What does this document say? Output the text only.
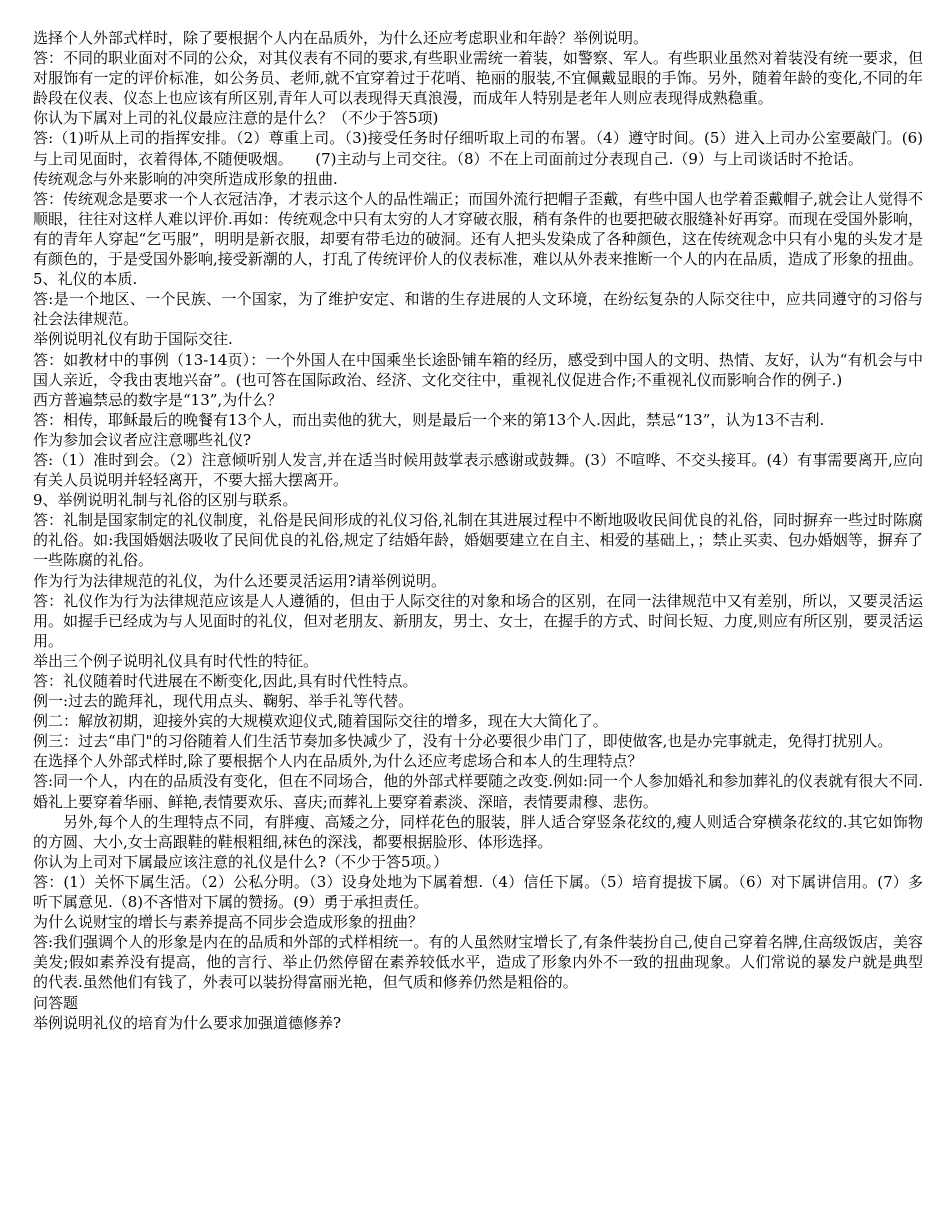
选择个人外部式样时，除了要根据个人内在品质外，为什么还应考虑职业和年龄？举例说明。

答：不同的职业面对不同的公众，对其仪表有不同的要求,有些职业需统一着装，如警察、军人。有些职业虽然对着装没有统一要求，但对服饰有一定的评价标准，如公务员、老师,就不宜穿着过于花哨、艳丽的服装,不宜佩戴显眼的手饰。另外，随着年龄的变化,不同的年龄段在仪表、仪态上也应该有所区别,青年人可以表现得天真浪漫，而成年人特别是老年人则应表现得成熟稳重。

你认为下属对上司的礼仪最应注意的是什么？（不少于答5项)

答:（1)听从上司的指挥安排。（2）尊重上司。（3)接受任务时仔细听取上司的布署。（4）遵守时间。(5）进入上司办公室要敲门。(6)与上司见面时，衣着得体,不随便吸烟。　　(7)主动与上司交往。（8）不在上司面前过分表现自己.（9）与上司谈话时不抢话。

传统观念与外来影响的冲突所造成形象的扭曲.

答：传统观念是要求一个人衣冠洁净，才表示这个人的品性端正；而国外流行把帽子歪戴，有些中国人也学着歪戴帽子,就会让人觉得不顺眼，往往对这样人难以评价.再如：传统观念中只有太穷的人才穿破衣服，稍有条件的也要把破衣服缝补好再穿。而现在受国外影响，有的青年人穿起“乞丐服”，明明是新衣服，却要有带毛边的破洞。还有人把头发染成了各种颜色，这在传统观念中只有小鬼的头发才是有颜色的，于是受国外影响,接受新潮的人，打乱了传统评价人的仪表标准，难以从外表来推断一个人的内在品质，造成了形象的扭曲。

5、礼仪的本质.

答:是一个地区、一个民族、一个国家，为了维护安定、和谐的生存进展的人文环境，在纷纭复杂的人际交往中，应共同遵守的习俗与社会法律规范。

举例说明礼仪有助于国际交往.

答：如教材中的事例（13-14页）：一个外国人在中国乘坐长途卧铺车箱的经历，感受到中国人的文明、热情、友好，认为“有机会与中国人亲近，令我由衷地兴奋”。(也可答在国际政治、经济、文化交往中，重视礼仪促进合作;不重视礼仪而影响合作的例子.)

西方普遍禁忌的数字是“13”,为什么？

答：相传，耶稣最后的晚餐有13个人，而出卖他的犹大，则是最后一个来的第13个人.因此，禁忌“13”，认为13不吉利.

作为参加会议者应注意哪些礼仪?

答:（1）准时到会。（2）注意倾听别人发言,并在适当时候用鼓掌表示感谢或鼓舞。(3）不喧哗、不交头接耳。(4）有事需要离开,应向有关人员说明并轻轻离开，不要大摇大摆离开。

9、举例说明礼制与礼俗的区别与联系。

答：礼制是国家制定的礼仪制度，礼俗是民间形成的礼仪习俗,礼制在其进展过程中不断地吸收民间优良的礼俗，同时摒弃一些过时陈腐的礼俗。如:我国婚姻法吸收了民间优良的礼俗,规定了结婚年龄，婚姻要建立在自主、相爱的基础上，；禁止买卖、包办婚姻等，摒弃了一些陈腐的礼俗。

作为行为法律规范的礼仪，为什么还要灵活运用?请举例说明。

答：礼仪作为行为法律规范应该是人人遵循的，但由于人际交往的对象和场合的区别，在同一法律规范中又有差别，所以，又要灵活运用。如握手已经成为与人见面时的礼仪，但对老朋友、新朋友，男士、女士，在握手的方式、时间长短、力度,则应有所区别，要灵活运用。

举出三个例子说明礼仪具有时代性的特征。

答：礼仪随着时代进展在不断变化,因此,具有时代性特点。

例一:过去的跪拜礼，现代用点头、鞠躬、举手礼等代替。

例二：解放初期，迎接外宾的大规模欢迎仪式,随着国际交往的增多，现在大大简化了。

例三：过去“串门"的习俗随着人们生活节奏加多快减少了，没有十分必要很少串门了，即使做客,也是办完事就走，免得打扰别人。

在选择个人外部式样时,除了要根据个人内在品质外,为什么还应考虑场合和本人的生理特点？

答:同一个人，内在的品质没有变化，但在不同场合，他的外部式样要随之改变.例如:同一个人参加婚礼和参加葬礼的仪表就有很大不同.婚礼上要穿着华丽、鲜艳,表情要欢乐、喜庆;而葬礼上要穿着素淡、深暗，表情要肃穆、悲伤。

另外,每个人的生理特点不同，有胖瘦、高矮之分，同样花色的服装，胖人适合穿竖条花纹的,瘦人则适合穿横条花纹的.其它如饰物的方圆、大小,女士高跟鞋的鞋根粗细,袜色的深浅，都要根据脸形、体形选择。

你认为上司对下属最应该注意的礼仪是什么?（不少于答5项。）

答：(1）关怀下属生活。（2）公私分明。（3）设身处地为下属着想.（4）信任下属。（5）培育提拔下属。（6）对下属讲信用。(7）多听下属意见.（8)不吝惜对下属的赞扬。(9）勇于承担责任。

为什么说财宝的增长与素养提高不同步会造成形象的扭曲？

答:我们强调个人的形象是内在的品质和外部的式样相统一。有的人虽然财宝增长了,有条件装扮自己,使自己穿着名牌,住高级饭店，美容美发;假如素养没有提高，他的言行、举止仍然停留在素养较低水平，造成了形象内外不一致的扭曲现象。人们常说的暴发户就是典型的代表.虽然他们有钱了，外表可以装扮得富丽光艳，但气质和修养仍然是粗俗的。

问答题

举例说明礼仪的培育为什么要求加强道德修养?
